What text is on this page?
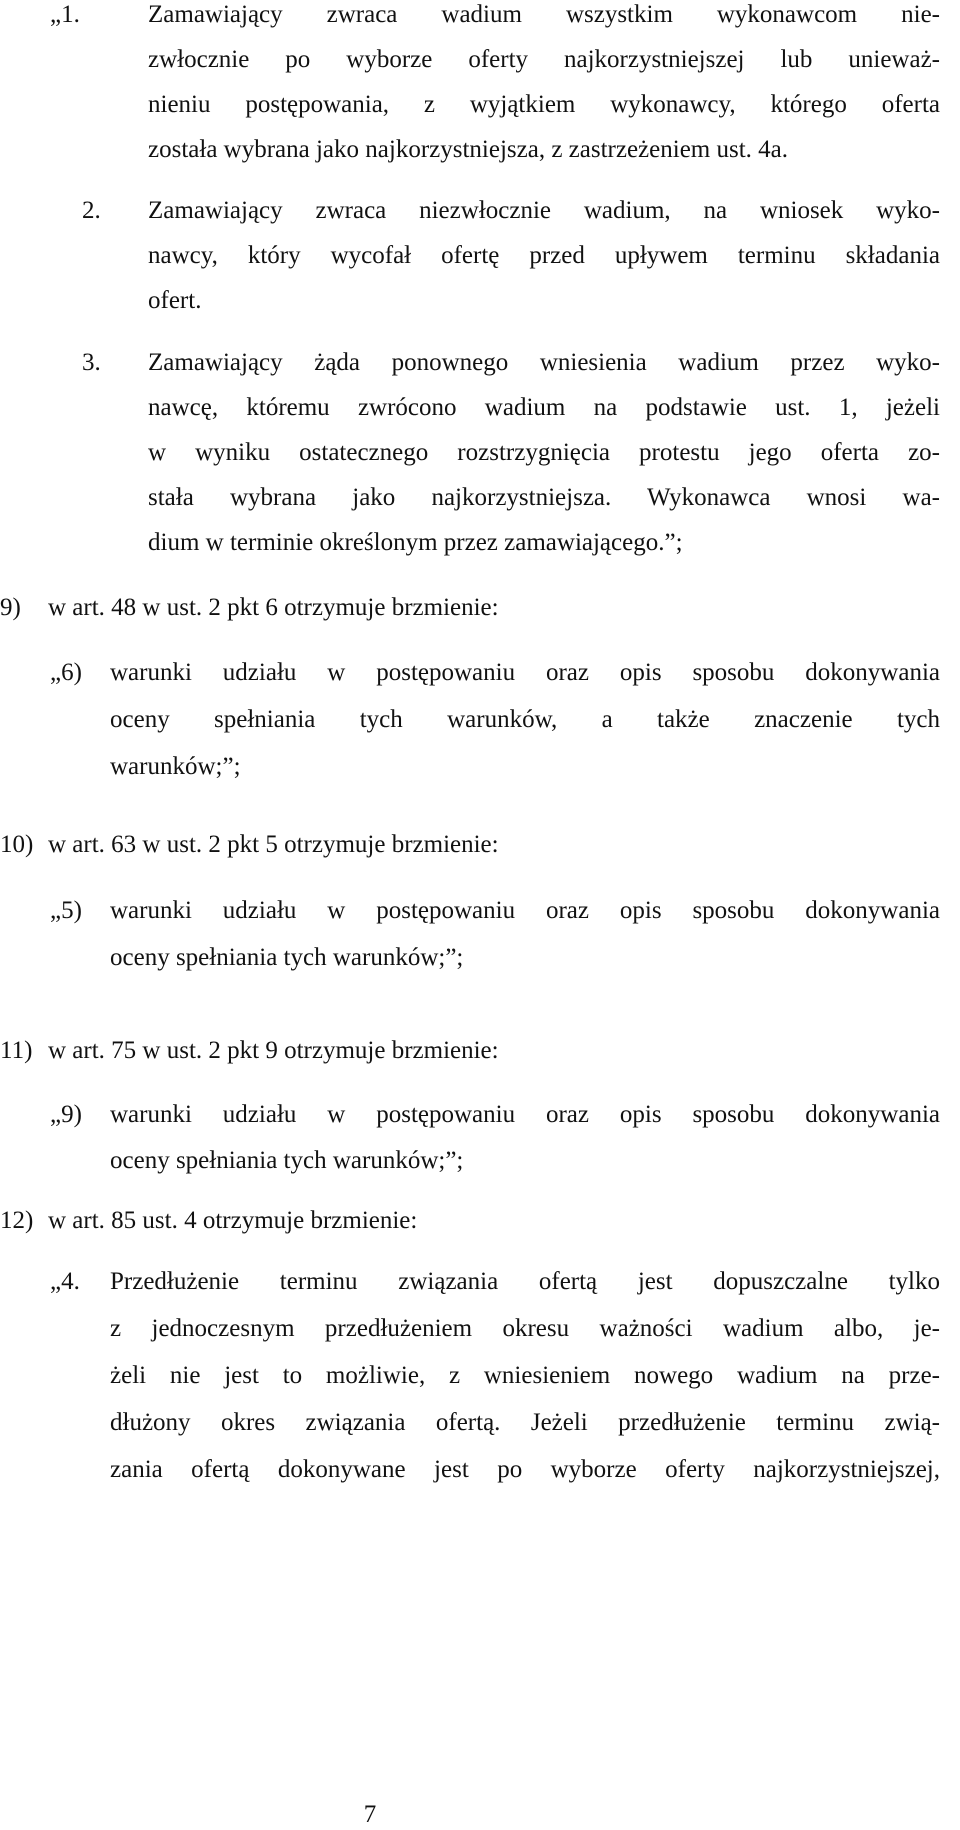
„1.	Zamawiający zwraca wadium wszystkim wykonawcom nie-
zwłocznie po wyborze oferty najkorzystniejszej lub unieważ-
nieniu postępowania, z wyjątkiem wykonawcy, którego oferta
została wybrana jako najkorzystniejsza, z zastrzeżeniem ust. 4a.
2. Zamawiający zwraca niezwłocznie wadium, na wniosek wyko-
nawcy, który wycofał ofertę przed upływem terminu składania
ofert.
3. Zamawiający żąda ponownego wniesienia wadium przez wyko-
nawcę, któremu zwrócono wadium na podstawie ust. 1, jeżeli
w wyniku ostatecznego rozstrzygnięcia protestu jego oferta zo-
stała wybrana jako najkorzystniejsza. Wykonawca wnosi wa-
dium w terminie określonym przez zamawiającego.”;
9) w art. 48 w ust. 2 pkt 6 otrzymuje brzmienie:
„6) warunki udziału w postępowaniu oraz opis sposobu dokonywania
oceny spełniania tych warunków, a także znaczenie tych
warunków;”;
10) w art. 63 w ust. 2 pkt 5 otrzymuje brzmienie:
„5) warunki udziału w postępowaniu oraz opis sposobu dokonywania
oceny spełniania tych warunków;”;
11) w art. 75 w ust. 2 pkt 9 otrzymuje brzmienie:
„9) warunki udziału w postępowaniu oraz opis sposobu dokonywania
oceny spełniania tych warunków;”;
12) w art. 85 ust. 4 otrzymuje brzmienie:
„4. Przedłużenie terminu związania ofertą jest dopuszczalne tylko
z jednoczesnym przedłużeniem okresu ważności wadium albo, je-
żeli nie jest to możliwie, z wniesieniem nowego wadium na prze-
dłużony okres związania ofertą. Jeżeli przedłużenie terminu zwią-
zania ofertą dokonywane jest po wyborze oferty najkorzystniejszej,
7
